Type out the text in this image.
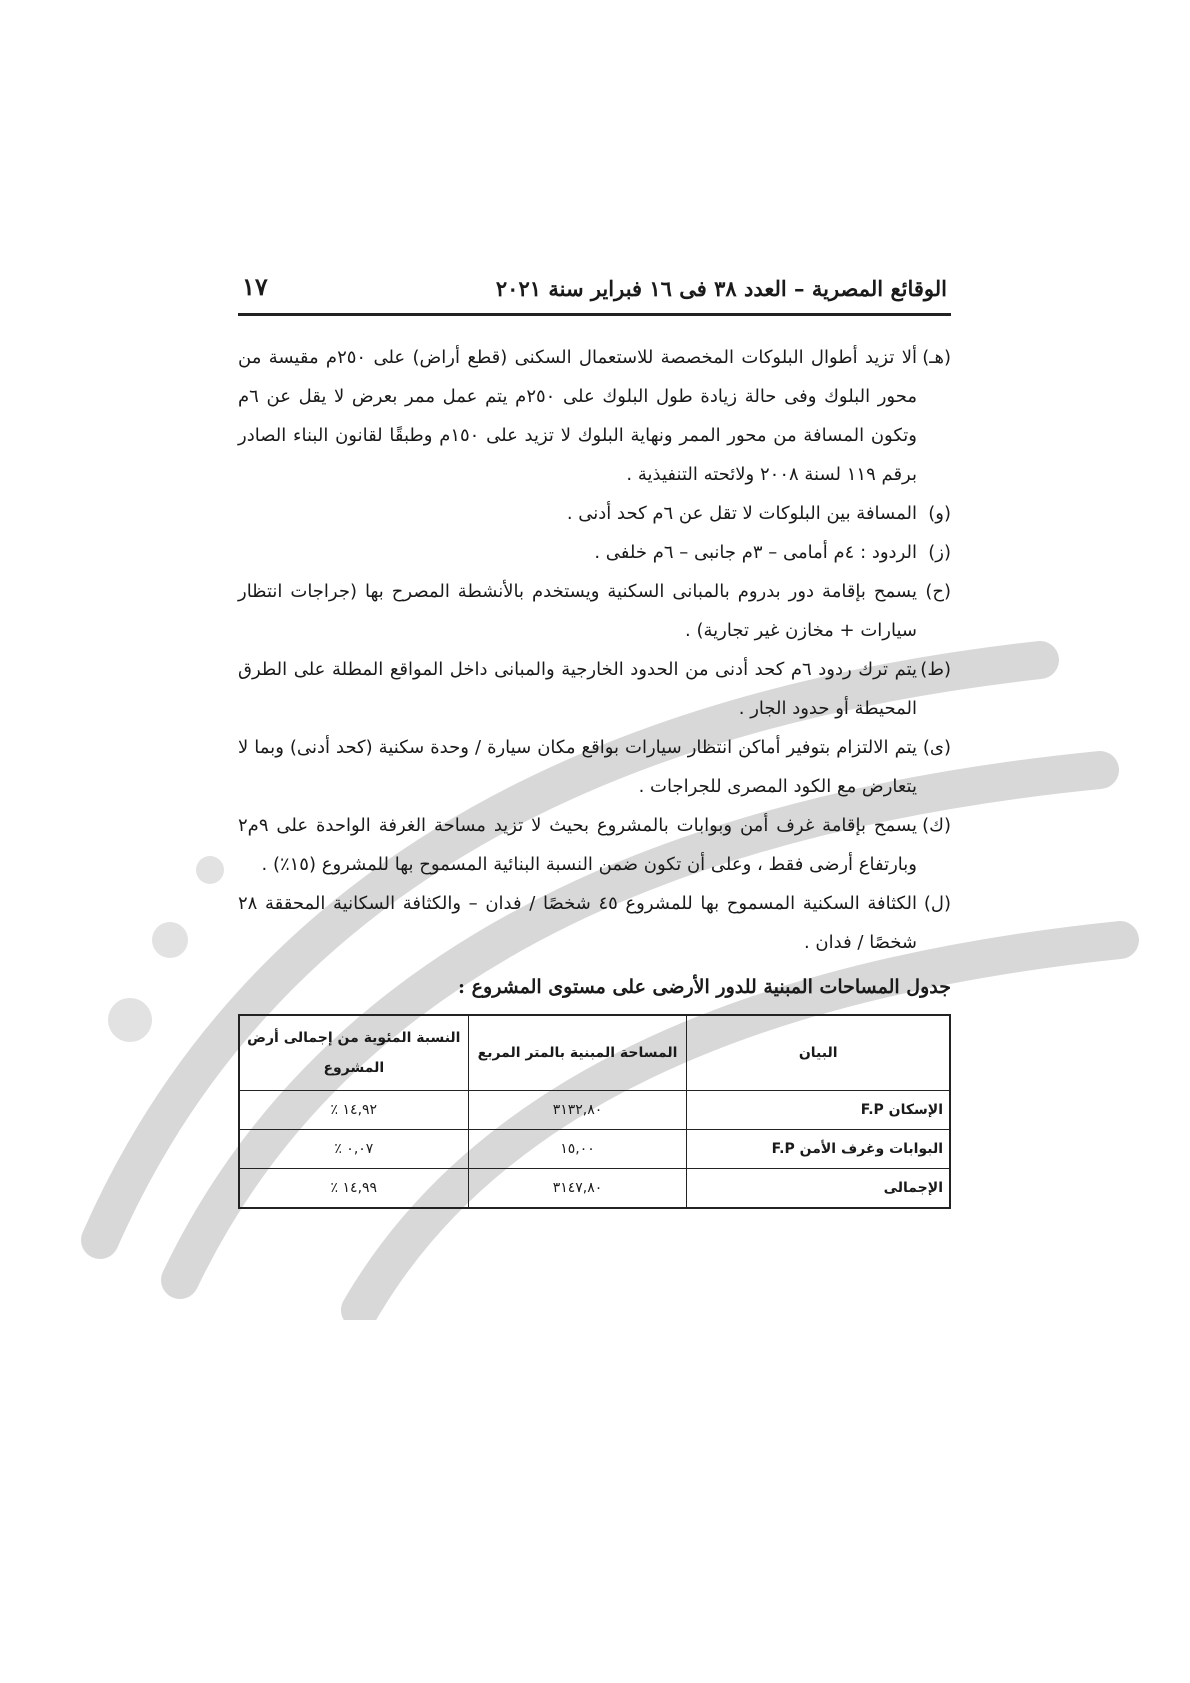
الوقائع المصرية – العدد ٣٨ فى ١٦ فبراير سنة ٢٠٢١
١٧
(هـ)
ألا تزيد أطوال البلوكات المخصصة للاستعمال السكنى (قطع أراض) على ٢٥٠م مقيسة من محور البلوك وفى حالة زيادة طول البلوك على ٢٥٠م يتم عمل ممر بعرض لا يقل عن ٦م وتكون المسافة من محور الممر ونهاية البلوك لا تزيد على ١٥٠م وطبقًا لقانون البناء الصادر برقم ١١٩ لسنة ٢٠٠٨ ولائحته التنفيذية .
(و)
المسافة بين البلوكات لا تقل عن ٦م كحد أدنى .
(ز)
الردود : ٤م أمامى – ٣م جانبى – ٦م خلفى .
(ح)
يسمح بإقامة دور بدروم بالمبانى السكنية ويستخدم بالأنشطة المصرح بها (جراجات انتظار سيارات + مخازن غير تجارية) .
(ط)
يتم ترك ردود ٦م كحد أدنى من الحدود الخارجية والمبانى داخل المواقع المطلة على الطرق المحيطة أو حدود الجار .
(ى)
يتم الالتزام بتوفير أماكن انتظار سيارات بواقع مكان سيارة / وحدة سكنية (كحد أدنى) وبما لا يتعارض مع الكود المصرى للجراجات .
(ك)
يسمح بإقامة غرف أمن وبوابات بالمشروع بحيث لا تزيد مساحة الغرفة الواحدة على ٩م٢ وبارتفاع أرضى فقط ، وعلى أن تكون ضمن النسبة البنائية المسموح بها للمشروع (١٥٪) .
(ل)
الكثافة السكنية المسموح بها للمشروع ٤٥ شخصًا / فدان – والكثافة السكانية المحققة ٢٨ شخصًا / فدان .
جدول المساحات المبنية للدور الأرضى على مستوى المشروع :
البيان	المساحة المبنية بالمتر المربع	النسبة المئوية من إجمالى أرض المشروع
الإسكان F.P	٣١٣٢,٨٠	١٤,٩٢ ٪
البوابات وغرف الأمن F.P	١٥,٠٠	٠,٠٧ ٪
الإجمالى	٣١٤٧,٨٠	١٤,٩٩ ٪
